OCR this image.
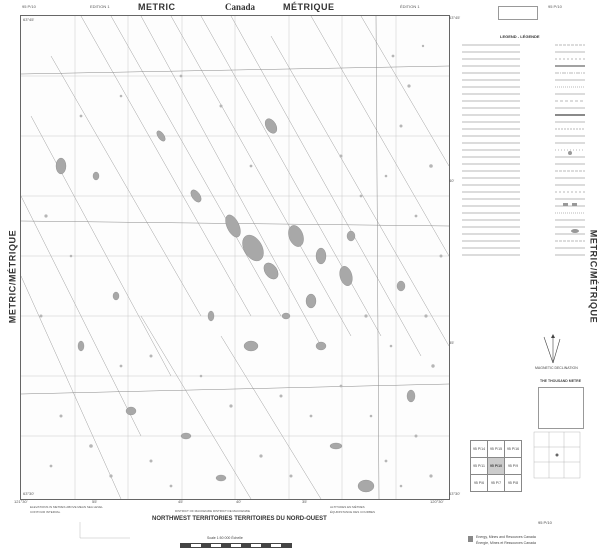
95 P/10	EDITION 1	METRIC	Canada	MÉTRIQUE	ÉDITION 1	95 P/10
METRIC/MÉTRIQUE	METRIC/MÉTRIQUE
63°45'
63°30'
63°45'
40'
35'
63°30'
121°30'	55'	45'	40'	35'	120°30'
ELEVATIONS IN METRES ABOVE MEAN SEA LEVEL
CONTOUR INTERVAL	DISTRICT OF MACKENZIE DISTRICT DE MACKENZIE
NORTHWEST TERRITORIES TERRITOIRES DU NORD-OUEST
ALTITUDES EN MÈTRES
ÉQUIDISTANCE DES COURBES
Scale 1:50 000 Échelle
LEGEND - LÉGENDE
MAGNETIC DECLINATION
THE THOUSAND METRE
95 P/10
95 P/14	95 P/15	95 P/16
95 P/11	95 P/10	95 P/9
95 P/6	95 P/7	95 P/8
Energy, Mines and Resources Canada
Énergie, Mines et Ressources Canada
